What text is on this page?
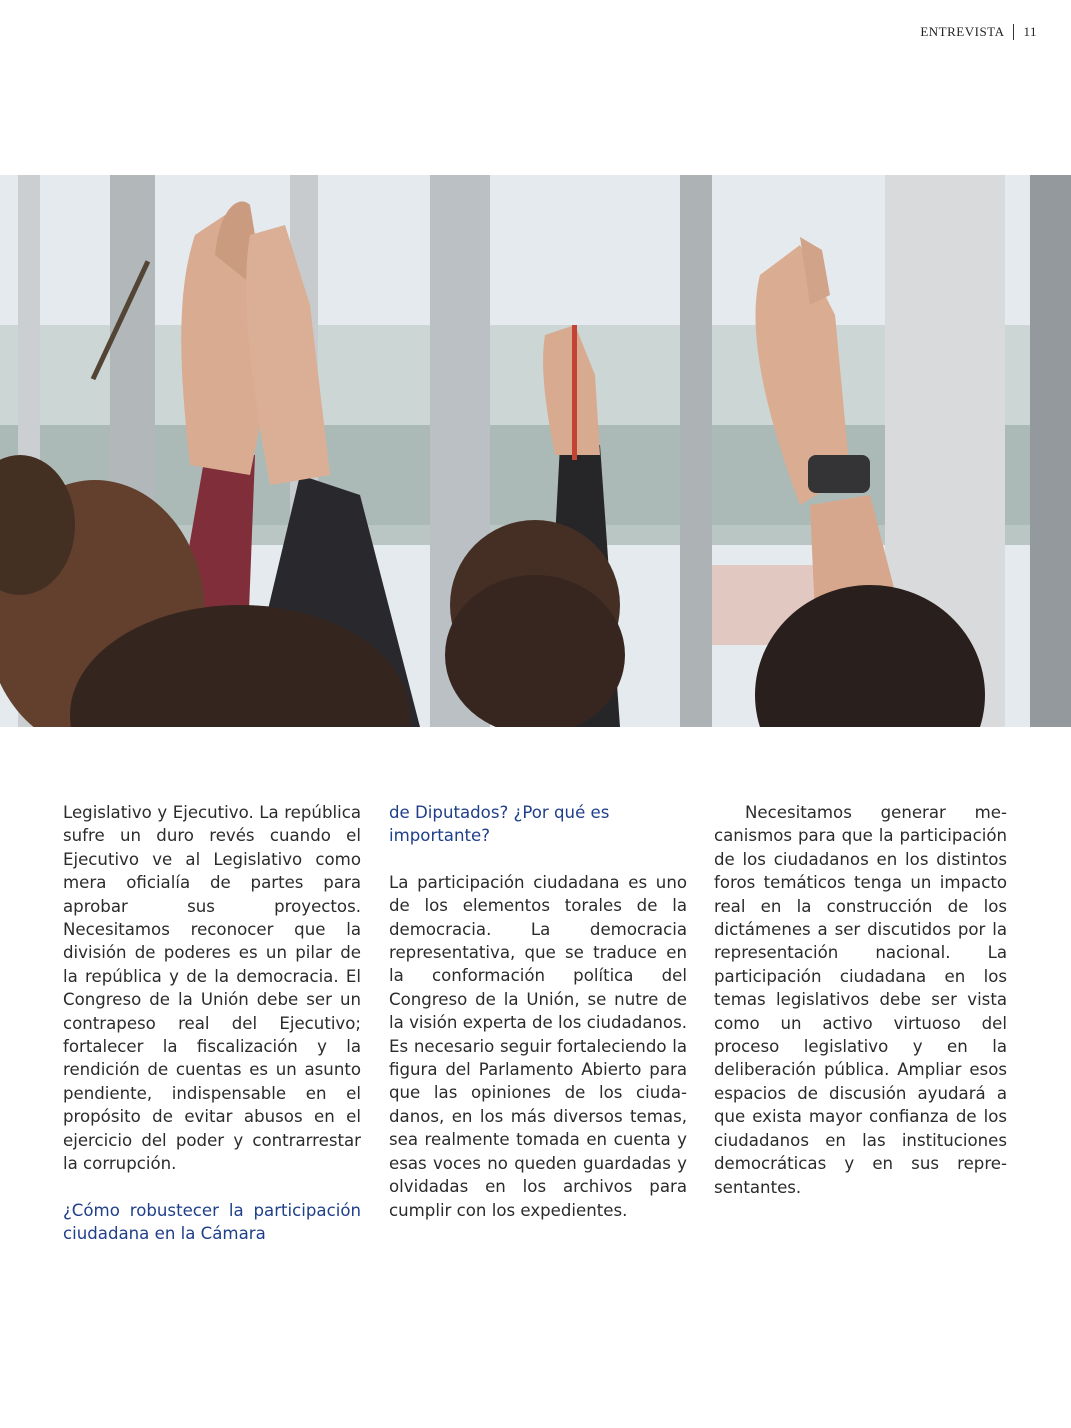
ENTREVISTA 11

Legislativo y Ejecutivo. La república sufre un duro revés cuando el Ejecutivo ve al Legislativo como mera oficialía de partes para aprobar sus proyectos. Necesitamos reconocer que la división de poderes es un pilar de la república y de la democracia. El Congreso de la Unión debe ser un contrapeso real del Ejecutivo; fortalecer la fiscalización y la rendición de cuentas es un asunto pendiente, indispensable en el propósito de evitar abusos en el ejercicio del poder y contrarrestar la corrupción.

¿Cómo robustecer la participación ciudadana en la Cámara

de Diputados? ¿Por qué es importante?

La participación ciudadana es uno de los elementos torales de la democracia. La democracia representativa, que se traduce en la conformación política del Congreso de la Unión, se nutre de la visión experta de los ciudadanos. Es necesario seguir fortaleciendo la figura del Parlamento Abierto para que las opiniones de los ciudadanos, en los más diversos temas, sea realmente tomada en cuenta y esas voces no queden guardadas y olvidadas en los archivos para cumplir con los expedientes.

Necesitamos generar mecanismos para que la participación de los ciudadanos en los distintos foros temáticos tenga un impacto real en la construcción de los dictámenes a ser discutidos por la representación nacional. La participación ciudadana en los temas legislativos debe ser vista como un activo virtuoso del proceso legislativo y en la deliberación pública. Ampliar esos espacios de discusión ayudará a que exista mayor confianza de los ciudadanos en las instituciones democráticas y en sus representantes.
